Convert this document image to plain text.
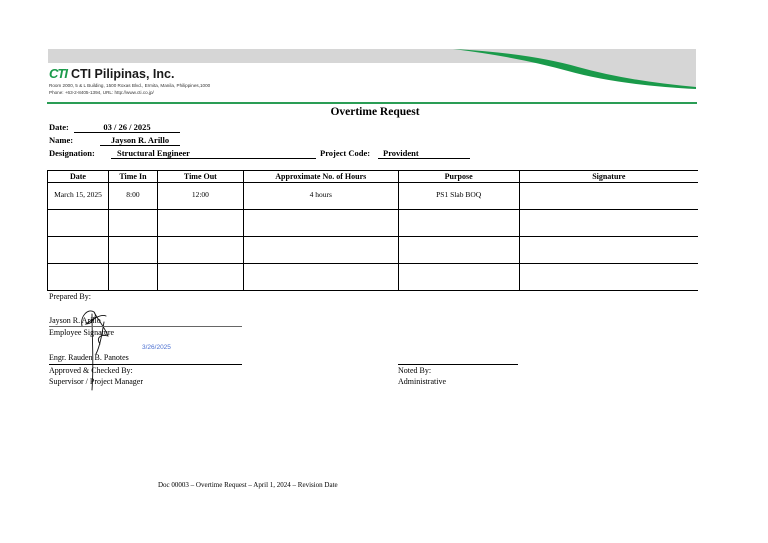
CTI CTI Pilipinas, Inc.
Room 2000, 5 & L Building, 1500 Roxas Blvd., Ermita, Manila, Philippines,1000
Phone: +63-2-8405-1394, URL: http://www.cti.co.jp/
Overtime Request
Date:	03 / 26 / 2025
Name:	Jayson R. Arillo
Designation:	Structural Engineer	Project Code:	Provident
Date	Time In	Time Out	Approximate No. of Hours	Purpose	Signature
March 15, 2025	8:00	12:00	4 hours	PS1 Slab BOQ	

Prepared By:
Jayson R. Arillo
Employee Signature
3/26/2025
Engr. Rauden B. Panotes
Approved & Checked By:
Supervisor / Project Manager
Noted By:
Administrative
Doc 00003 – Overtime Request – April 1, 2024 – Revision Date
